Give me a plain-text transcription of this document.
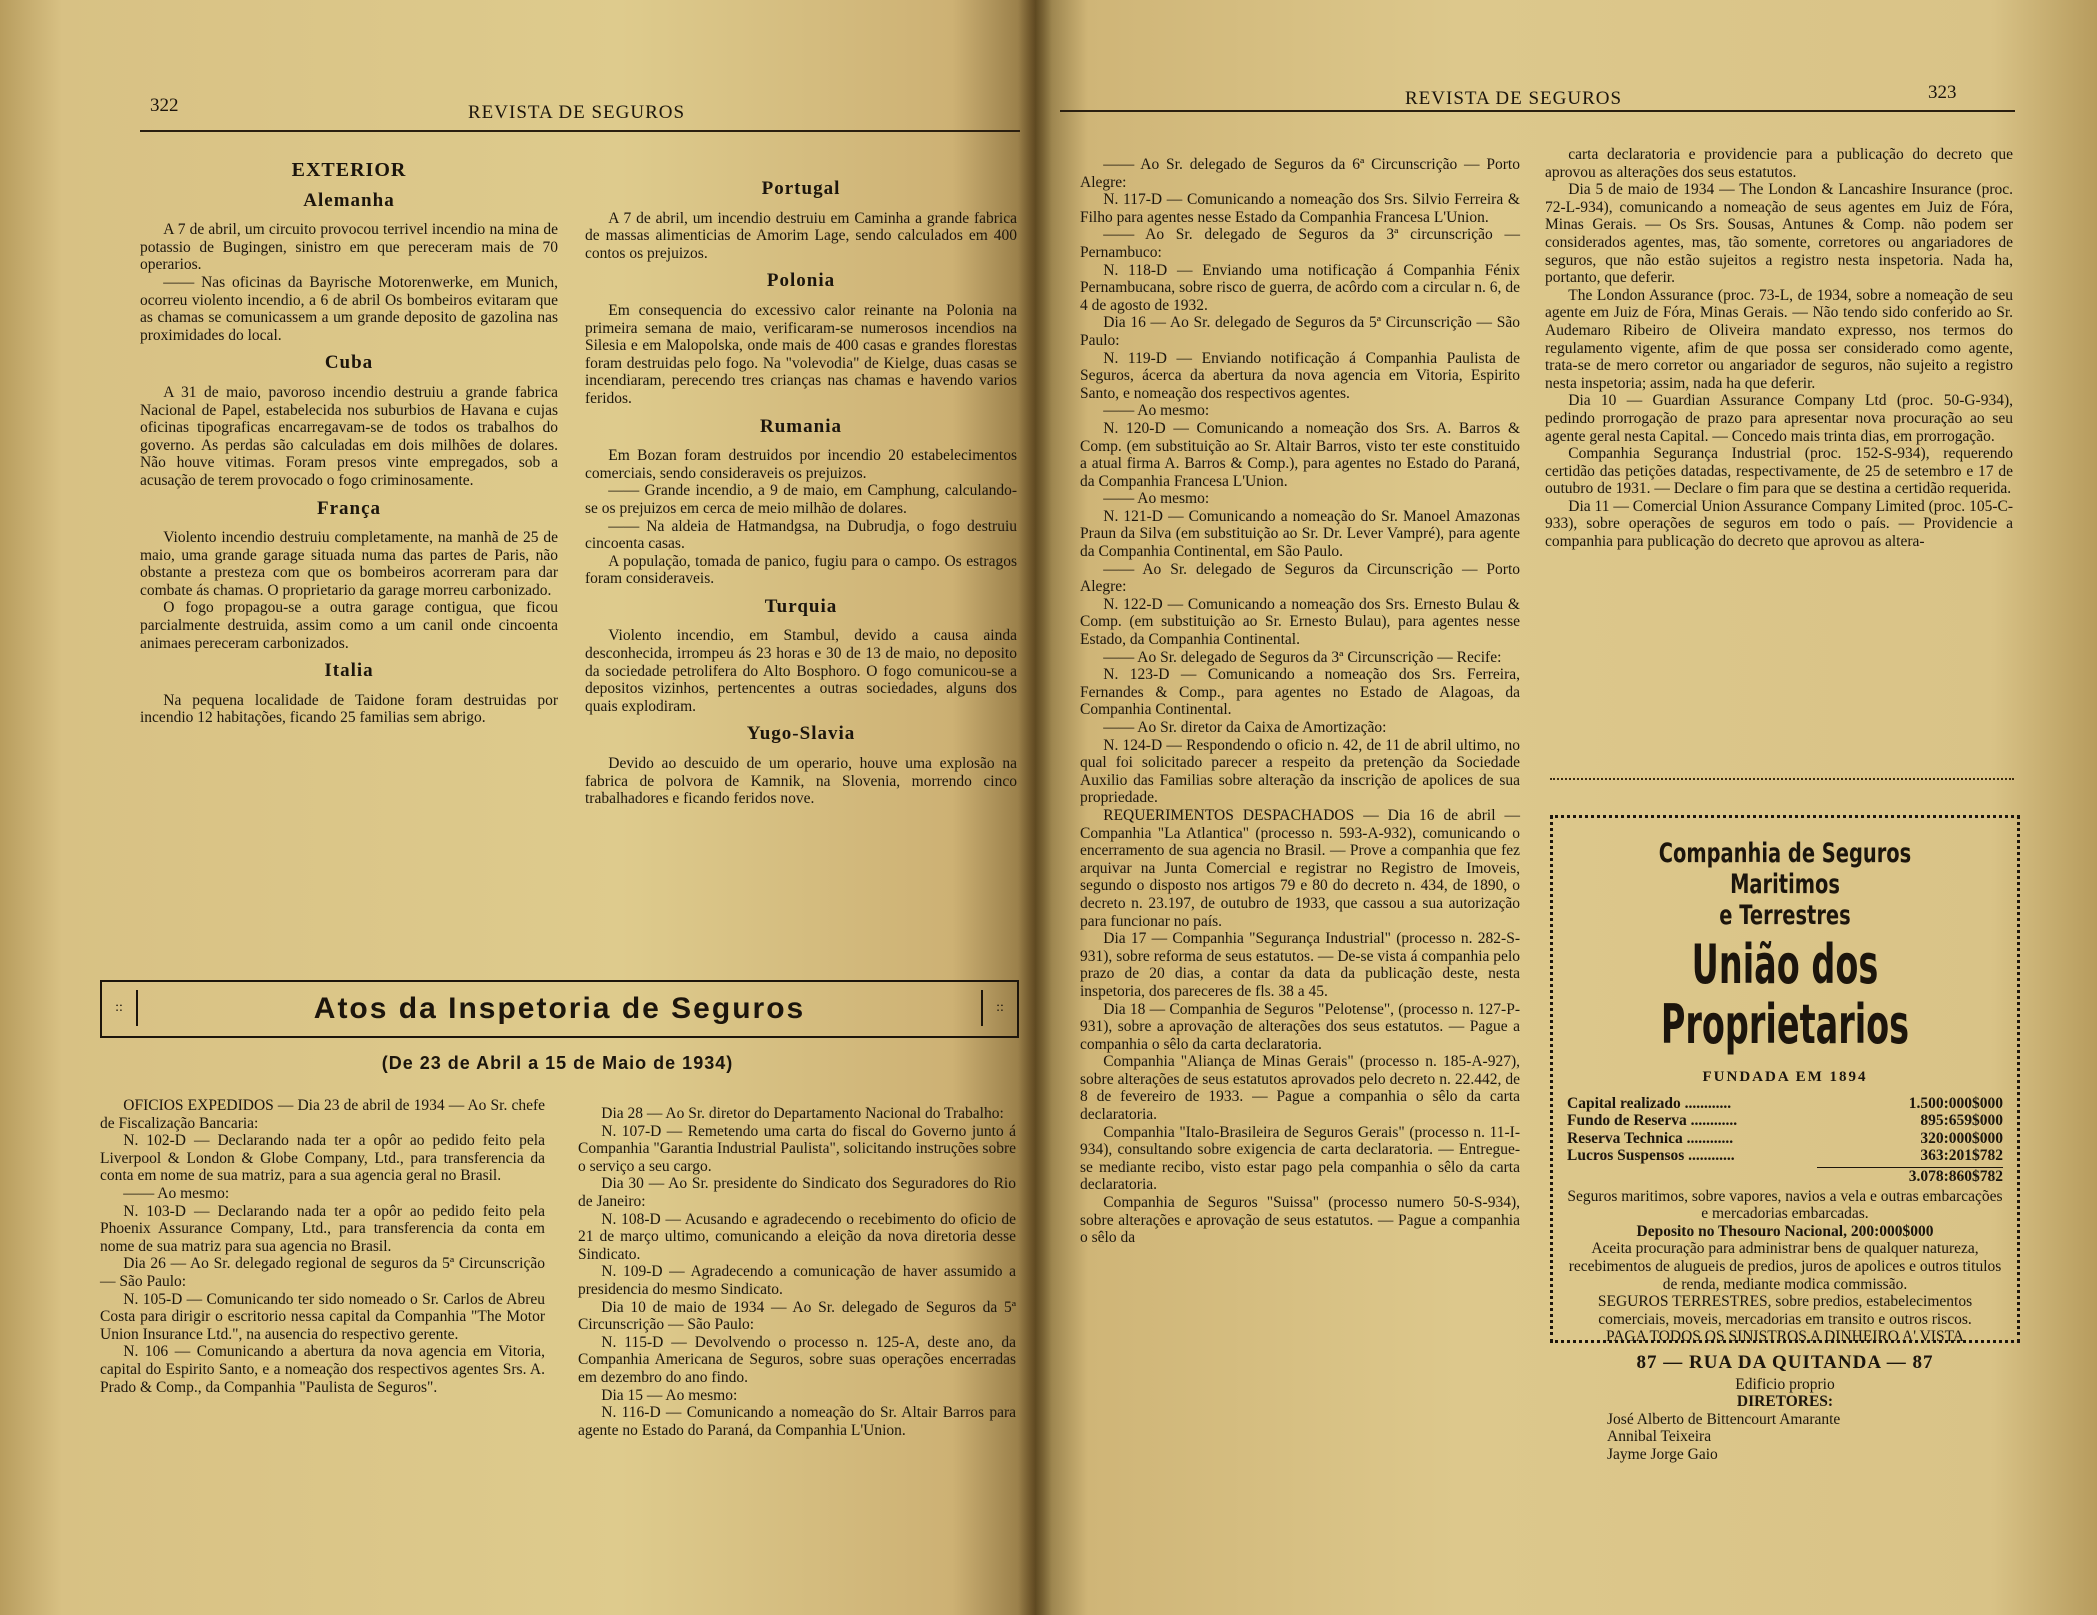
322	REVISTA DE SEGUROS
EXTERIOR
Alemanha

A 7 de abril, um circuito provocou terrivel incendio na mina de potassio de Bugingen, sinistro em que pereceram mais de 70 operarios.

—— Nas oficinas da Bayrische Motorenwerke, em Munich, ocorreu violento incendio, a 6 de abril Os bombeiros evitaram que as chamas se comunicassem a um grande deposito de gazolina nas proximidades do local.

Cuba

A 31 de maio, pavoroso incendio destruiu a grande fabrica Nacional de Papel, estabelecida nos suburbios de Havana e cujas oficinas tipograficas encarregavam-se de todos os trabalhos do governo. As perdas são calculadas em dois milhões de dolares. Não houve vitimas. Foram presos vinte empregados, sob a acusação de terem provocado o fogo criminosamente.

França

Violento incendio destruiu completamente, na manhã de 25 de maio, uma grande garage situada numa das partes de Paris, não obstante a presteza com que os bombeiros acorreram para dar combate ás chamas. O proprietario da garage morreu carbonizado.

O fogo propagou-se a outra garage contigua, que ficou parcialmente destruida, assim como a um canil onde cincoenta animaes pereceram carbonizados.

Italia

Na pequena localidade de Taidone foram destruidas por incendio 12 habitações, ficando 25 familias sem abrigo.

Portugal

A 7 de abril, um incendio destruiu em Caminha a grande fabrica de massas alimenticias de Amorim Lage, sendo calculados em 400 contos os prejuizos.

Polonia

Em consequencia do excessivo calor reinante na Polonia na primeira semana de maio, verificaram-se numerosos incendios na Silesia e em Malopolska, onde mais de 400 casas e grandes florestas foram destruidas pelo fogo. Na "volevodia" de Kielge, duas casas se incendiaram, perecendo tres crianças nas chamas e havendo varios feridos.

Rumania

Em Bozan foram destruidos por incendio 20 estabelecimentos comerciais, sendo consideraveis os prejuizos.

—— Grande incendio, a 9 de maio, em Camphung, calculando-se os prejuizos em cerca de meio milhão de dolares.

—— Na aldeia de Hatmandgsa, na Dubrudja, o fogo destruiu cincoenta casas.

A população, tomada de panico, fugiu para o campo. Os estragos foram consideraveis.

Turquia

Violento incendio, em Stambul, devido a causa ainda desconhecida, irrompeu ás 23 horas e 30 de 13 de maio, no deposito da sociedade petrolifera do Alto Bosphoro. O fogo comunicou-se a depositos vizinhos, pertencentes a outras sociedades, alguns dos quais explodiram.

Yugo-Slavia

Devido ao descuido de um operario, houve uma explosão na fabrica de polvora de Kamnik, na Slovenia, morrendo cinco trabalhadores e ficando feridos nove.

::	Atos da Inspetoria de Seguros	::
(De 23 de Abril a 15 de Maio de 1934)

OFICIOS EXPEDIDOS — Dia 23 de abril de 1934 — Ao Sr. chefe de Fiscalização Bancaria:

N. 102-D — Declarando nada ter a opôr ao pedido feito pela Liverpool & London & Globe Company, Ltd., para transferencia da conta em nome de sua matriz, para a sua agencia geral no Brasil.

—— Ao mesmo:

N. 103-D — Declarando nada ter a opôr ao pedido feito pela Phoenix Assurance Company, Ltd., para transferencia da conta em nome de sua matriz para sua agencia no Brasil.

Dia 26 — Ao Sr. delegado regional de seguros da 5ª Circunscrição — São Paulo:

N. 105-D — Comunicando ter sido nomeado o Sr. Carlos de Abreu Costa para dirigir o escritorio nessa capital da Companhia "The Motor Union Insurance Ltd.", na ausencia do respectivo gerente.

N. 106 — Comunicando a abertura da nova agencia em Vitoria, capital do Espirito Santo, e a nomeação dos respectivos agentes Srs. A. Prado & Comp., da Companhia "Paulista de Seguros".

Dia 28 — Ao Sr. diretor do Departamento Nacional do Trabalho:

N. 107-D — Remetendo uma carta do fiscal do Governo junto á Companhia "Garantia Industrial Paulista", solicitando instruções sobre o serviço a seu cargo.

Dia 30 — Ao Sr. presidente do Sindicato dos Seguradores do Rio de Janeiro:

N. 108-D — Acusando e agradecendo o recebimento do oficio de 21 de março ultimo, comunicando a eleição da nova diretoria desse Sindicato.

N. 109-D — Agradecendo a comunicação de haver assumido a presidencia do mesmo Sindicato.

Dia 10 de maio de 1934 — Ao Sr. delegado de Seguros da 5ª Circunscrição — São Paulo:

N. 115-D — Devolvendo o processo n. 125-A, deste ano, da Companhia Americana de Seguros, sobre suas operações encerradas em dezembro do ano findo.

Dia 15 — Ao mesmo:

N. 116-D — Comunicando a nomeação do Sr. Altair Barros para agente no Estado do Paraná, da Companhia L'Union.

REVISTA DE SEGUROS	323

—— Ao Sr. delegado de Seguros da 6ª Circunscrição — Porto Alegre:

N. 117-D — Comunicando a nomeação dos Srs. Silvio Ferreira & Filho para agentes nesse Estado da Companhia Francesa L'Union.

—— Ao Sr. delegado de Seguros da 3ª circunscrição — Pernambuco:

N. 118-D — Enviando uma notificação á Companhia Fénix Pernambucana, sobre risco de guerra, de acôrdo com a circular n. 6, de 4 de agosto de 1932.

Dia 16 — Ao Sr. delegado de Seguros da 5ª Circunscrição — São Paulo:

N. 119-D — Enviando notificação á Companhia Paulista de Seguros, ácerca da abertura da nova agencia em Vitoria, Espirito Santo, e nomeação dos respectivos agentes.

—— Ao mesmo:

N. 120-D — Comunicando a nomeação dos Srs. A. Barros & Comp. (em substituição ao Sr. Altair Barros, visto ter este constituido a atual firma A. Barros & Comp.), para agentes no Estado do Paraná, da Companhia Francesa L'Union.

—— Ao mesmo:

N. 121-D — Comunicando a nomeação do Sr. Manoel Amazonas Praun da Silva (em substituição ao Sr. Dr. Lever Vampré), para agente da Companhia Continental, em São Paulo.

—— Ao Sr. delegado de Seguros da Circunscrição — Porto Alegre:

N. 122-D — Comunicando a nomeação dos Srs. Ernesto Bulau & Comp. (em substituição ao Sr. Ernesto Bulau), para agentes nesse Estado, da Companhia Continental.

—— Ao Sr. delegado de Seguros da 3ª Circunscrição — Recife:

N. 123-D — Comunicando a nomeação dos Srs. Ferreira, Fernandes & Comp., para agentes no Estado de Alagoas, da Companhia Continental.

—— Ao Sr. diretor da Caixa de Amortização:

N. 124-D — Respondendo o oficio n. 42, de 11 de abril ultimo, no qual foi solicitado parecer a respeito da pretenção da Sociedade Auxilio das Familias sobre alteração da inscrição de apolices de sua propriedade.

REQUERIMENTOS DESPACHADOS — Dia 16 de abril — Companhia "La Atlantica" (processo n. 593-A-932), comunicando o encerramento de sua agencia no Brasil. — Prove a companhia que fez arquivar na Junta Comercial e registrar no Registro de Imoveis, segundo o disposto nos artigos 79 e 80 do decreto n. 434, de 1890, o decreto n. 23.197, de outubro de 1933, que cassou a sua autorização para funcionar no país.

Dia 17 — Companhia "Segurança Industrial" (processo n. 282-S-931), sobre reforma de seus estatutos. — De-se vista á companhia pelo prazo de 20 dias, a contar da data da publicação deste, nesta inspetoria, dos pareceres de fls. 38 a 45.

Dia 18 — Companhia de Seguros "Pelotense", (processo n. 127-P-931), sobre a aprovação de alterações dos seus estatutos. — Pague a companhia o sêlo da carta declaratoria.

Companhia "Aliança de Minas Gerais" (processo n. 185-A-927), sobre alterações de seus estatutos aprovados pelo decreto n. 22.442, de 8 de fevereiro de 1933. — Pague a companhia o sêlo da carta declaratoria.

Companhia "Italo-Brasileira de Seguros Gerais" (processo n. 11-I-934), consultando sobre exigencia de carta declaratoria. — Entregue-se mediante recibo, visto estar pago pela companhia o sêlo da carta declaratoria.

Companhia de Seguros "Suissa" (processo numero 50-S-934), sobre alterações e aprovação de seus estatutos. — Pague a companhia o sêlo da

carta declaratoria e providencie para a publicação do decreto que aprovou as alterações dos seus estatutos.

Dia 5 de maio de 1934 — The London & Lancashire Insurance (proc. 72-L-934), comunicando a nomeação de seus agentes em Juiz de Fóra, Minas Gerais. — Os Srs. Sousas, Antunes & Comp. não podem ser considerados agentes, mas, tão somente, corretores ou angariadores de seguros, que não estão sujeitos a registro nesta inspetoria. Nada ha, portanto, que deferir.

The London Assurance (proc. 73-L, de 1934, sobre a nomeação de seu agente em Juiz de Fóra, Minas Gerais. — Não tendo sido conferido ao Sr. Audemaro Ribeiro de Oliveira mandato expresso, nos termos do regulamento vigente, afim de que possa ser considerado como agente, trata-se de mero corretor ou angariador de seguros, não sujeito a registro nesta inspetoria; assim, nada ha que deferir.

Dia 10 — Guardian Assurance Company Ltd (proc. 50-G-934), pedindo prorrogação de prazo para apresentar nova procuração ao seu agente geral nesta Capital. — Concedo mais trinta dias, em prorrogação.

Companhia Segurança Industrial (proc. 152-S-934), requerendo certidão das petições datadas, respectivamente, de 25 de setembro e 17 de outubro de 1931. — Declare o fim para que se destina a certidão requerida.

Dia 11 — Comercial Union Assurance Company Limited (proc. 105-C-933), sobre operações de seguros em todo o país. — Providencie a companhia para publicação do decreto que aprovou as altera-

Companhia de Seguros Maritimos
e Terrestres
União dos Proprietarios
FUNDADA EM 1894
Capital realizado ............	1.500:000$000
Fundo de Reserva ............	895:659$000
Reserva Technica ............	320:000$000
Lucros Suspensos ............	363:201$782
3.078:860$782
Seguros maritimos, sobre vapores, navios a vela e outras embarcações e mercadorias embarcadas.
Deposito no Thesouro Nacional, 200:000$000
Aceita procuração para administrar bens de qualquer natureza, recebimentos de alugueis de predios, juros de apolices e outros titulos de renda, mediante modica commissão.
SEGUROS TERRESTRES, sobre predios, estabelecimentos comerciais, moveis, mercadorias em transito e outros riscos.
PAGA TODOS OS SINISTROS A DINHEIRO A' VISTA
87 — RUA DA QUITANDA — 87
Edificio proprio
DIRETORES:
José Alberto de Bittencourt Amarante
Annibal Teixeira
Jayme Jorge Gaio
